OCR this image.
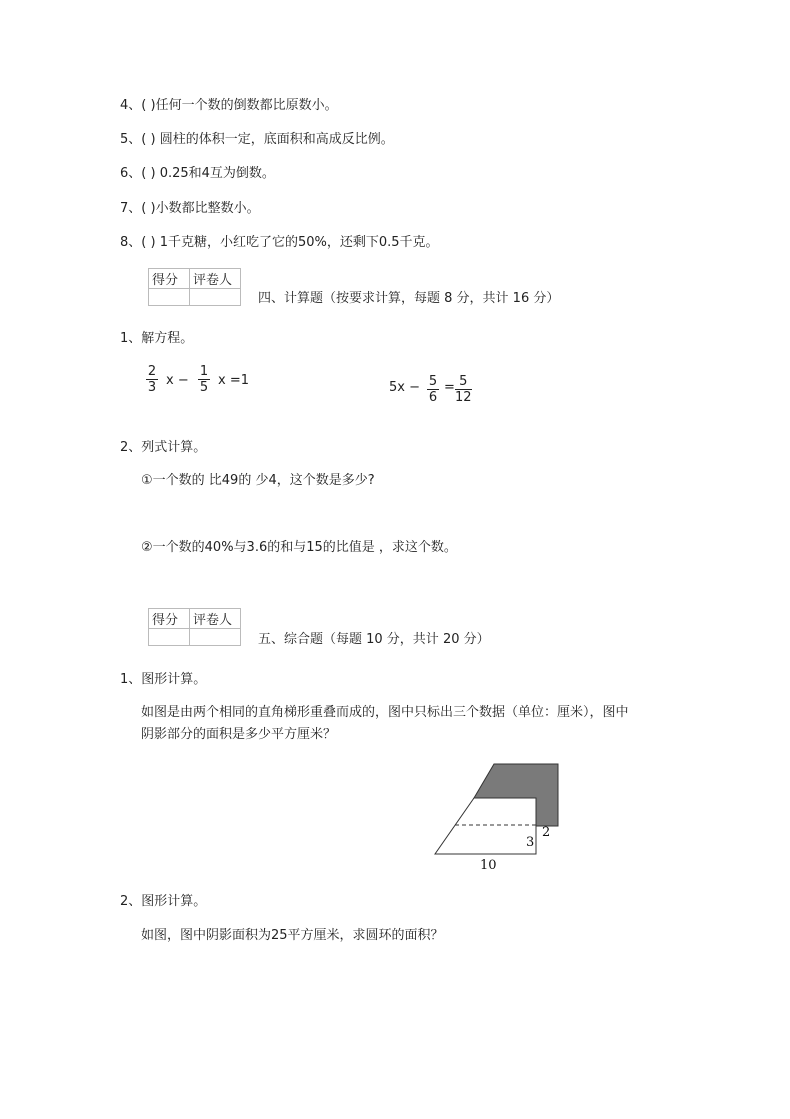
4、( )任何一个数的倒数都比原数小。
5、( ) 圆柱的体积一定，底面积和高成反比例。
6、( ) 0.25和4互为倒数。
7、( )小数都比整数小。
8、( ) 1千克糖，小红吃了它的50%，还剩下0.5千克。
得分	评卷人

四、计算题（按要求计算，每题 8 分，共计 16 分）
1、解方程。
2
3 x −
1
5 x =1	5x − 5
6
= 5
12
2、列式计算。
①一个数的 比49的 少4，这个数是多少?
②一个数的40%与3.6的和与15的比值是 ，求这个数。
得分	评卷人

五、综合题（每题 10 分，共计 20 分）
1、图形计算。
如图是由两个相同的直角梯形重叠而成的，图中只标出三个数据（单位：厘米），图中
阴影部分的面积是多少平方厘米？
2
3
10
2、图形计算。
如图，图中阴影面积为25平方厘米，求圆环的面积？
